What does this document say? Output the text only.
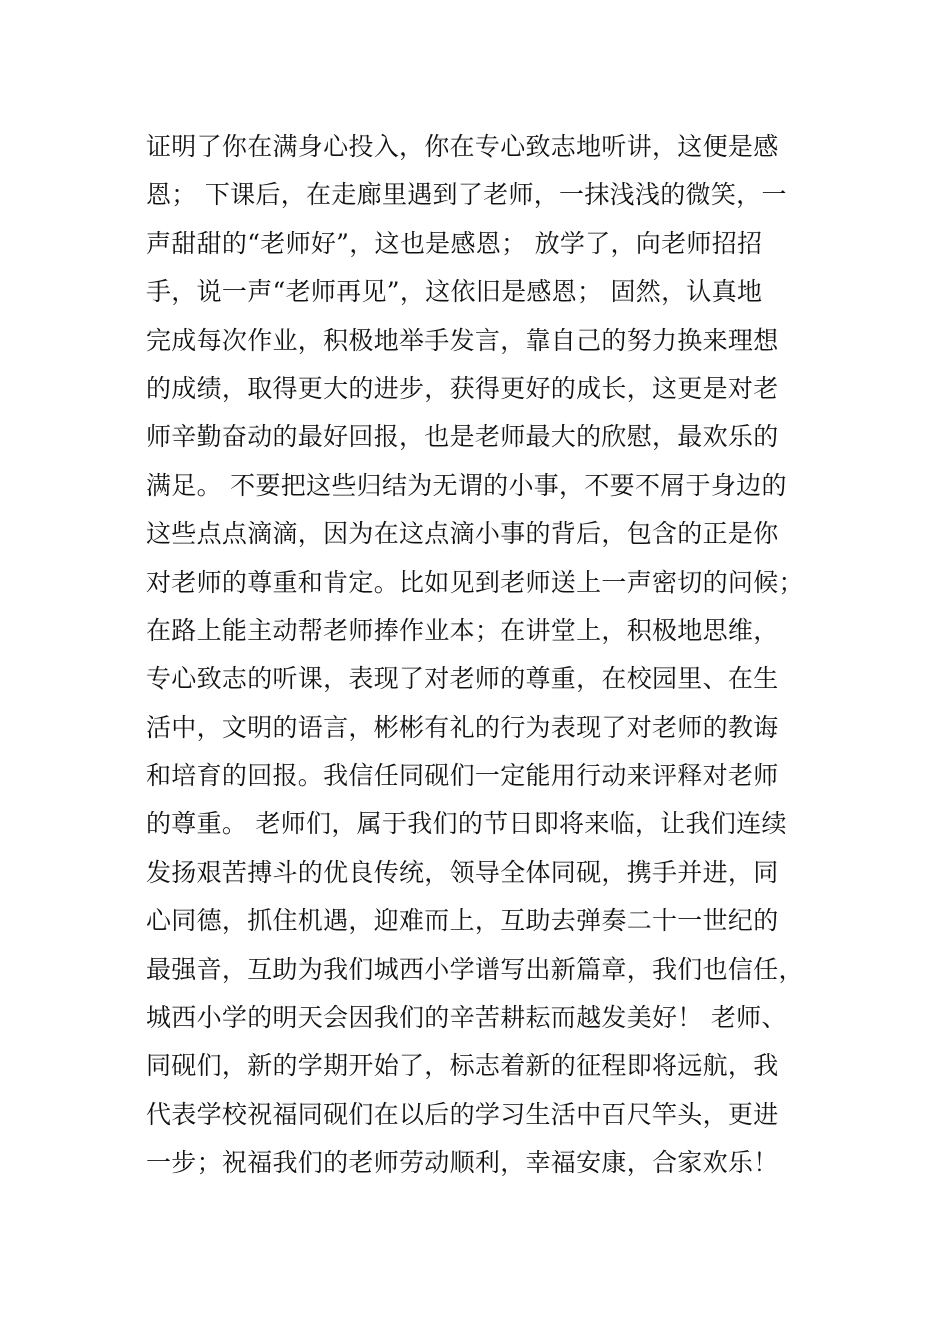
证明了你在满身心投入，你在专心致志地听讲，这便是感
恩； 下课后，在走廊里遇到了老师，一抹浅浅的微笑，一
声甜甜的“老师好”，这也是感恩； 放学了，向老师招招
手，说一声“老师再见”，这依旧是感恩； 固然，认真地
完成每次作业，积极地举手发言，靠自己的努力换来理想
的成绩，取得更大的进步，获得更好的成长，这更是对老
师辛勤奋动的最好回报，也是老师最大的欣慰，最欢乐的
满足。 不要把这些归结为无谓的小事，不要不屑于身边的
这些点点滴滴，因为在这点滴小事的背后，包含的正是你
对老师的尊重和肯定。比如见到老师送上一声密切的问候；
在路上能主动帮老师捧作业本；在讲堂上，积极地思维，
专心致志的听课，表现了对老师的尊重，在校园里、在生
活中，文明的语言，彬彬有礼的行为表现了对老师的教诲
和培育的回报。我信任同砚们一定能用行动来评释对老师
的尊重。 老师们，属于我们的节日即将来临，让我们连续
发扬艰苦搏斗的优良传统，领导全体同砚，携手并进，同
心同德，抓住机遇，迎难而上，互助去弹奏二十一世纪的
最强音，互助为我们城西小学谱写出新篇章，我们也信任，
城西小学的明天会因我们的辛苦耕耘而越发美好！ 老师、
同砚们，新的学期开始了，标志着新的征程即将远航，我
代表学校祝福同砚们在以后的学习生活中百尺竿头，更进
一步；祝福我们的老师劳动顺利，幸福安康，合家欢乐！
